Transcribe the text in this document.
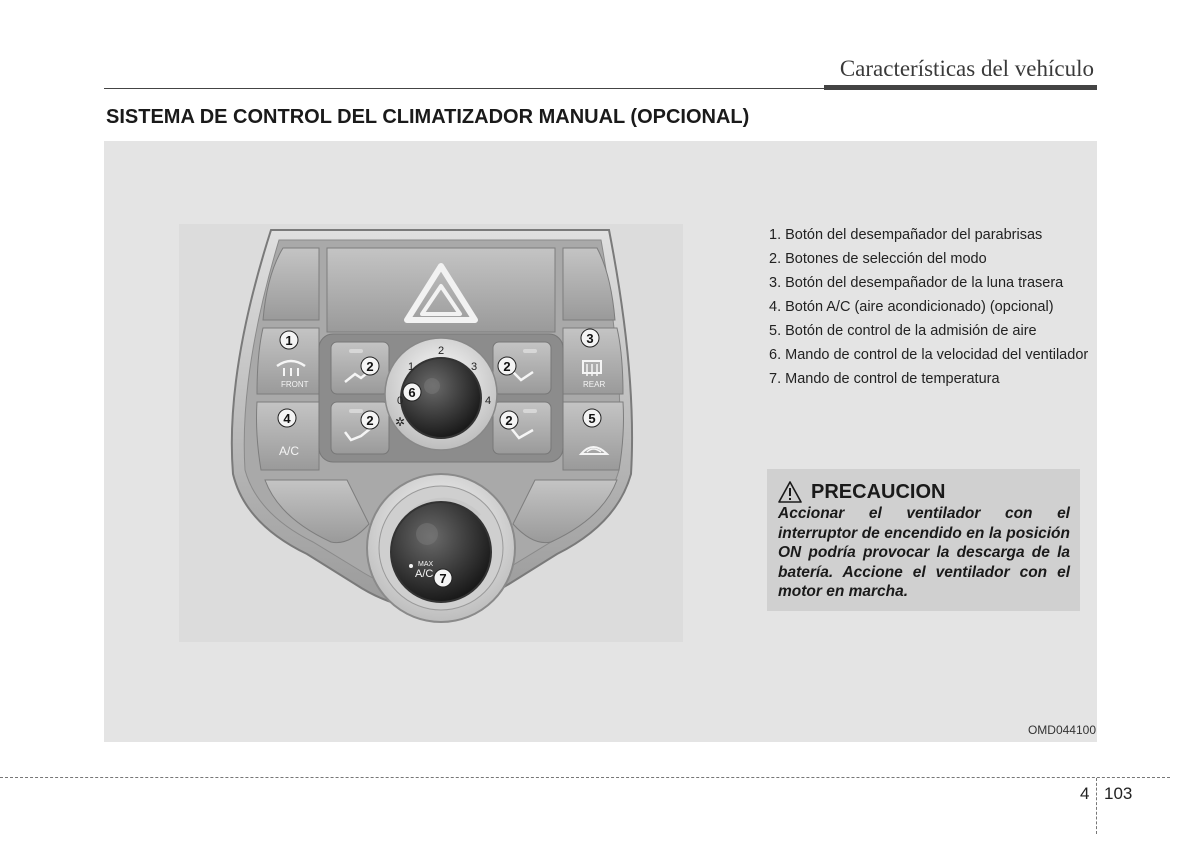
Características del vehículo
SISTEMA DE CONTROL DEL CLIMATIZADOR MANUAL (OPCIONAL)
0
1
2
3
4
✲
FRONT	REAR
A/C
MAX
A/C
1	3
4	5
2
2
2
2
6
7
1. Botón del desempañador del parabrisas
2. Botones de selección del modo
3. Botón del desempañador de la luna trasera
4. Botón A/C (aire acondicionado) (opcional)
5. Botón de control de la admisión de aire
6. Mando de control de la velocidad del ventilador
7. Mando de control de temperatura
PRECAUCION
Accionar el ventilador con el interruptor de encendido en la posición ON podría provocar la descarga de la batería. Accione el ventilador con el motor en marcha.
OMD044100
4 103
